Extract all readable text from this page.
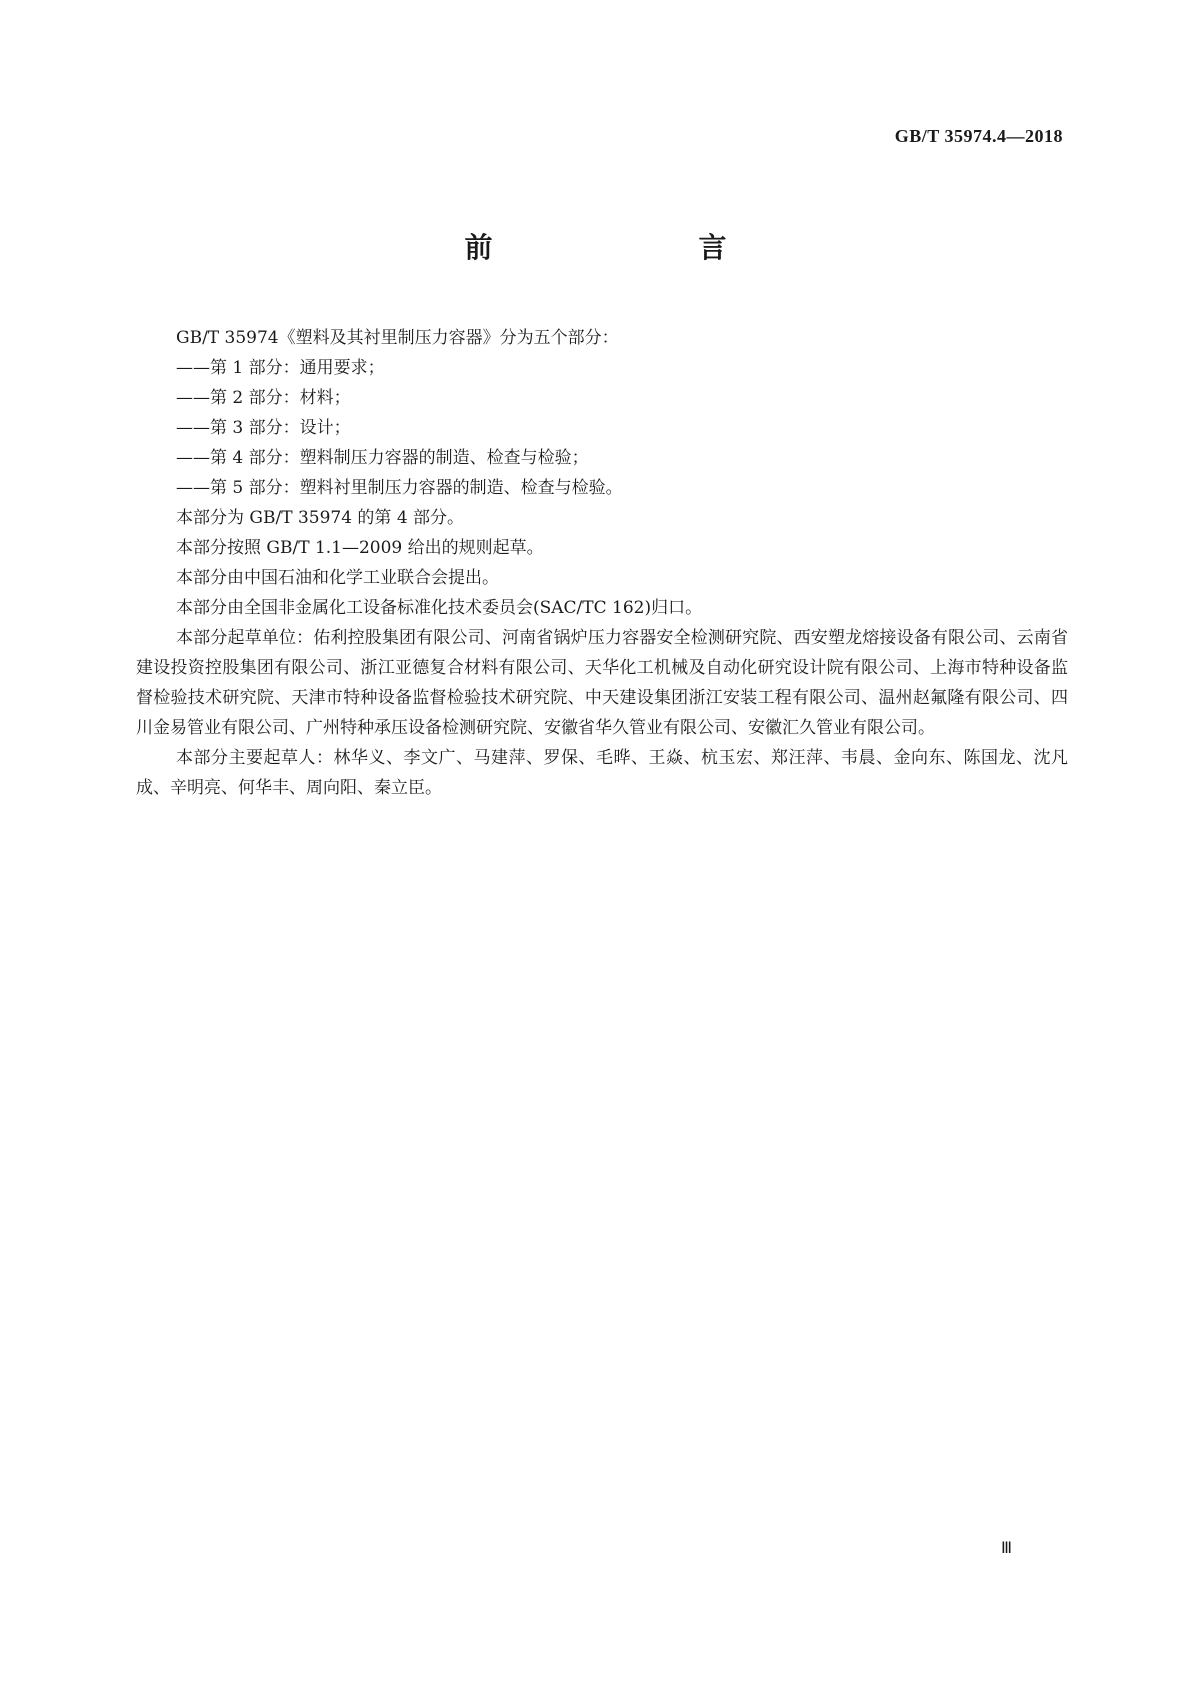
GB/T 35974.4—2018
前　　言

GB/T 35974《塑料及其衬里制压力容器》分为五个部分：

——第 1 部分：通用要求；

——第 2 部分：材料；

——第 3 部分：设计；

——第 4 部分：塑料制压力容器的制造、检查与检验；

——第 5 部分：塑料衬里制压力容器的制造、检查与检验。

本部分为 GB/T 35974 的第 4 部分。

本部分按照 GB/T 1.1—2009 给出的规则起草。

本部分由中国石油和化学工业联合会提出。

本部分由全国非金属化工设备标准化技术委员会(SAC/TC 162)归口。

本部分起草单位：佑利控股集团有限公司、河南省锅炉压力容器安全检测研究院、西安塑龙熔接设备有限公司、云南省建设投资控股集团有限公司、浙江亚德复合材料有限公司、天华化工机械及自动化研究设计院有限公司、上海市特种设备监督检验技术研究院、天津市特种设备监督检验技术研究院、中天建设集团浙江安装工程有限公司、温州赵氟隆有限公司、四川金易管业有限公司、广州特种承压设备检测研究院、安徽省华久管业有限公司、安徽汇久管业有限公司。

本部分主要起草人：林华义、李文广、马建萍、罗保、毛晔、王焱、杭玉宏、郑汪萍、韦晨、金向东、陈国龙、沈凡成、辛明亮、何华丰、周向阳、秦立臣。

Ⅲ
